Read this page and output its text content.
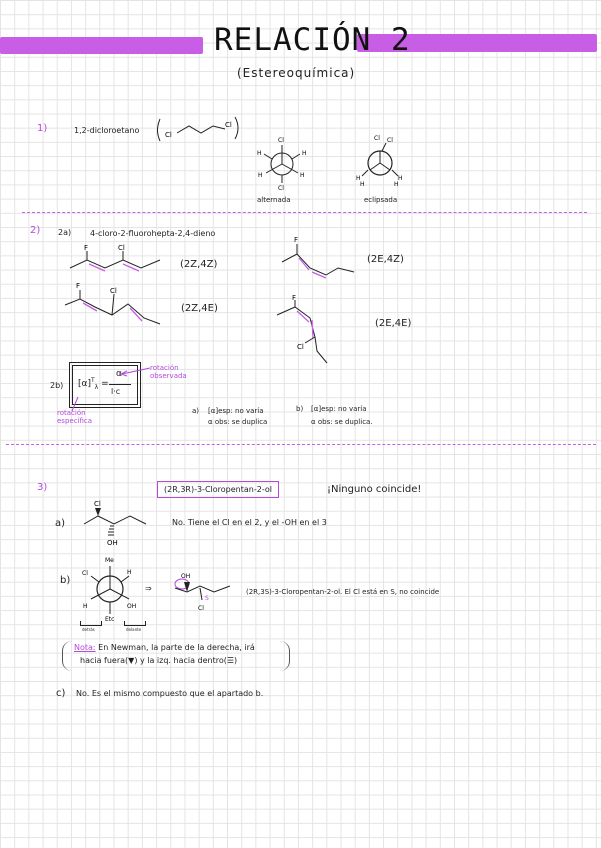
RELACIÓN 2
(Estereoquímica)
1)	1,2-dicloroetano	Cl
Cl
Cl
Cl
H	H
H	H
alternada
Cl Cl
H	H
H	H
eclipsada
2) 2a) 4-cloro-2-fluorohepta-2,4-dieno
F	Cl
(2Z,4Z)
F
(2E,4Z)
F
Cl
(2Z,4E)
F
Cl
(2E,4E)
2b) $[\alpha]^T_\lambda$ =
α
l·c
rotación observada
rotación específica
a) [α]esp: no varía
α obs: se duplica
b) [α]esp: no varía
α obs: se duplica.
3)	(2R,3R)-3-Cloropentan-2-ol	¡Ninguno coincide!
a)
Cl
OH
No. Tiene el Cl en el 2, y el -OH en el 3
b)
Me
Etc
Cl	H
H	OH
⇒
OH
S
Cl
(2R,3S)-3-Cloropentan-2-ol. El Cl está en S, no coincide
detrás	delante
Nota: En Newman, la parte de la derecha, irá
hacia fuera(▼) y la izq. hacia dentro(☰)
c) No. Es el mismo compuesto que el apartado b.
